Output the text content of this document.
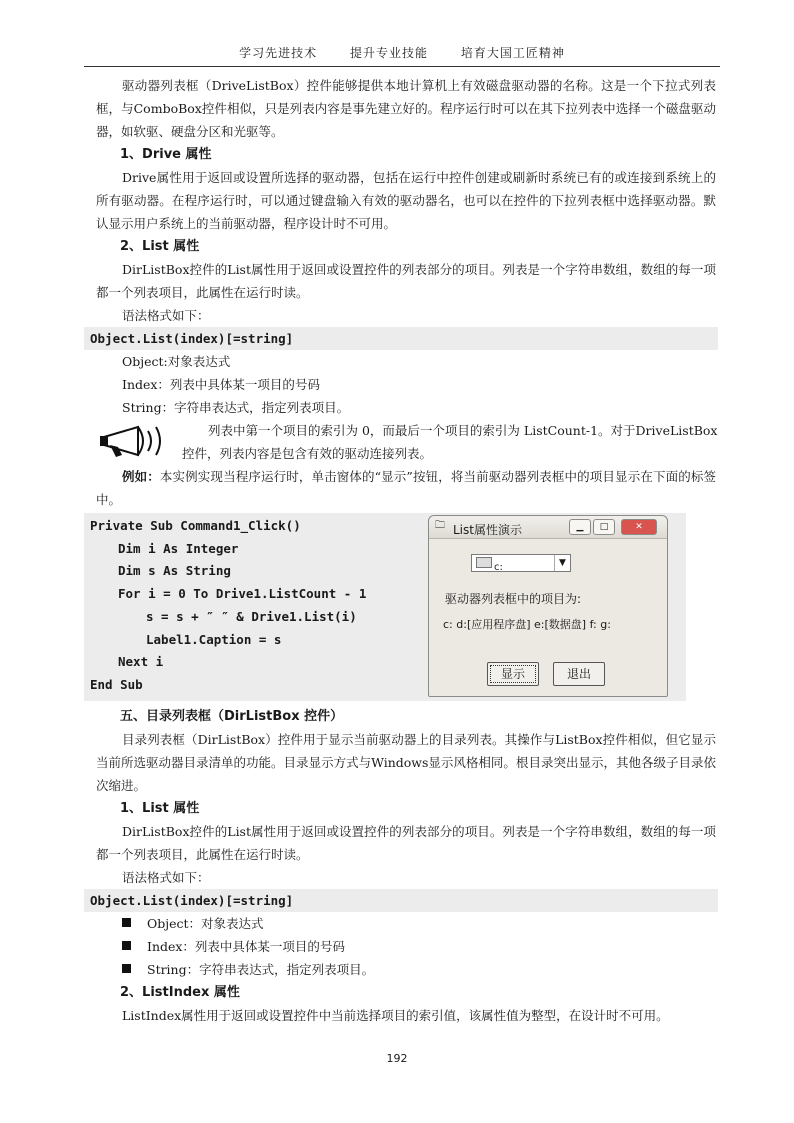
学习先进技术	提升专业技能	培育大国工匠精神

驱动器列表框（DriveListBox）控件能够提供本地计算机上有效磁盘驱动器的名称。这是一个下拉式列表框，与ComboBox控件相似，只是列表内容是事先建立好的。程序运行时可以在其下拉列表中选择一个磁盘驱动器，如软驱、硬盘分区和光驱等。

1、Drive 属性

Drive属性用于返回或设置所选择的驱动器，包括在运行中控件创建或刷新时系统已有的或连接到系统上的所有驱动器。在程序运行时，可以通过键盘输入有效的驱动器名，也可以在控件的下拉列表框中选择驱动器。默认显示用户系统上的当前驱动器，程序设计时不可用。

2、List 属性

DirListBox控件的List属性用于返回或设置控件的列表部分的项目。列表是一个字符串数组，数组的每一项都一个列表项目，此属性在运行时读。

语法格式如下：

Object.List(index)[=string]

Object:对象表达式

Index：列表中具体某一项目的号码

String：字符串表达式，指定列表项目。

列表中第一个项目的索引为 0，而最后一个项目的索引为 ListCount-1。对于DriveListBox控件，列表内容是包含有效的驱动连接列表。

例如：本实例实现当程序运行时，单击窗体的“显示”按钮，将当前驱动器列表框中的项目显示在下面的标签中。

Private Sub Command1_Click()
Dim i As Integer
Dim s As String
For i = 0 To Drive1.ListCount - 1
s = s + ″ ″ & Drive1.List(i)
Label1.Caption = s
Next i
End Sub
🗀 List属性演示	▁	□	✕
c:	▼
驱动器列表框中的项目为:
c: d:[应用程序盘] e:[数据盘] f: g:
显示	退出

五、目录列表框（DirListBox 控件）

目录列表框（DirListBox）控件用于显示当前驱动器上的目录列表。其操作与ListBox控件相似，但它显示当前所选驱动器目录清单的功能。目录显示方式与Windows显示风格相同。根目录突出显示，其他各级子目录依次缩进。

1、List 属性

DirListBox控件的List属性用于返回或设置控件的列表部分的项目。列表是一个字符串数组，数组的每一项都一个列表项目，此属性在运行时读。

语法格式如下：

Object.List(index)[=string]

Object：对象表达式

Index：列表中具体某一项目的号码

String：字符串表达式，指定列表项目。

2、ListIndex 属性

ListIndex属性用于返回或设置控件中当前选择项目的索引值，该属性值为整型，在设计时不可用。

192
